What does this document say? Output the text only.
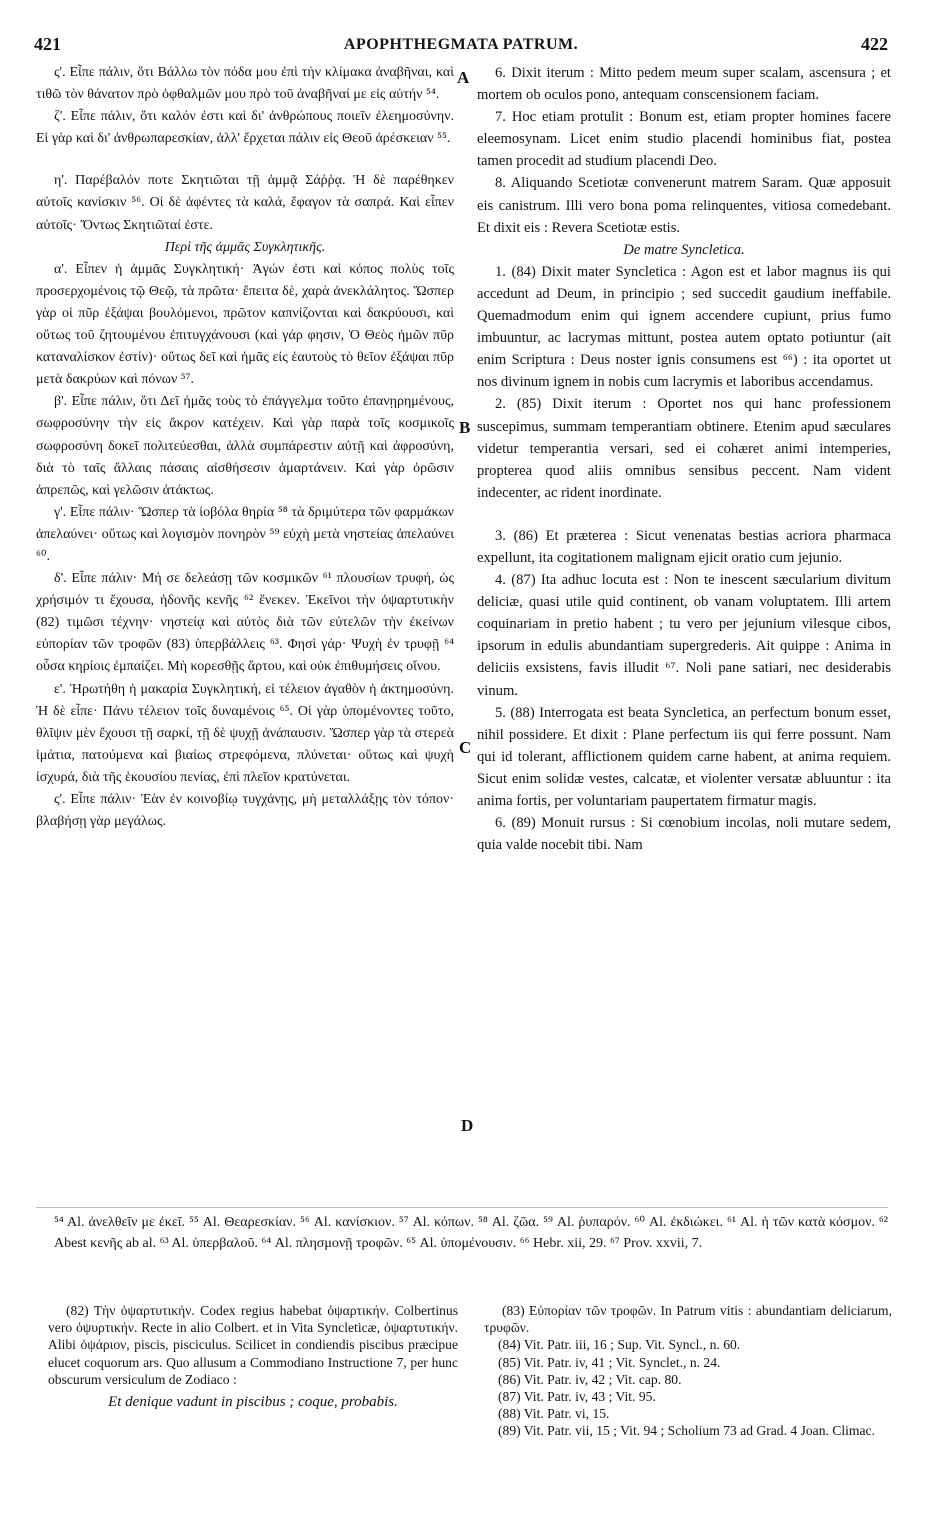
421	APOPHTHEGMATA PATRUM.	422

ς'. Εἶπε πάλιν, ὅτι Βάλλω τὸν πόδα μου ἐπὶ τὴν κλίμακα ἀναβῆναι, καὶ τιθῶ τὸν θάνατον πρὸ ὀφθαλμῶν μου πρὸ τοῦ ἀναβῆναί με εἰς αὐτήν ⁵⁴.

ζ'. Εἶπε πάλιν, ὅτι καλόν ἐστι καὶ δι' ἀνθρώπους ποιεῖν ἐλεημοσύνην. Εἰ γὰρ καὶ δι' ἀνθρωπαρεσκίαν, ἀλλ' ἔρχεται πάλιν εἰς Θεοῦ ἀρέσκειαν ⁵⁵.

η'. Παρέβαλόν ποτε Σκητιῶται τῇ ἀμμᾷ Σάῤῥᾳ. Ἡ δὲ παρέθηκεν αὐτοῖς κανίσκιν ⁵⁶. Οἱ δὲ ἀφέντες τὰ καλά, ἔφαγον τὰ σαπρά. Καὶ εἶπεν αὐτοῖς· Ὄντως Σκητιῶταί ἐστε.

Περὶ τῆς ἀμμᾶς Συγκλητικῆς.

α'. Εἶπεν ἡ ἀμμᾶς Συγκλητική· Ἀγών ἐστι καὶ κόπος πολὺς τοῖς προσερχομένοις τῷ Θεῷ, τὰ πρῶτα· ἔπειτα δὲ, χαρὰ ἀνεκλάλητος. Ὥσπερ γὰρ οἱ πῦρ ἐξάψαι βουλόμενοι, πρῶτον καπνίζονται καὶ δακρύουσι, καὶ οὕτως τοῦ ζητουμένου ἐπιτυγχάνουσι (καὶ γάρ φησιν, Ὁ Θεὸς ἡμῶν πῦρ καταναλίσκον ἐστίν)· οὕτως δεῖ καὶ ἡμᾶς εἰς ἑαυτοὺς τὸ θεῖον ἐξάψαι πῦρ μετὰ δακρύων καὶ πόνων ⁵⁷.

β'. Εἶπε πάλιν, ὅτι Δεῖ ἡμᾶς τοὺς τὸ ἐπάγγελμα τοῦτο ἐπανῃρημένους, σωφροσύνην τὴν εἰς ἄκρον κατέχειν. Καὶ γὰρ παρὰ τοῖς κοσμικοῖς σωφροσύνη δοκεῖ πολιτεύεσθαι, ἀλλὰ συμπάρεστιν αὐτῇ καὶ ἀφροσύνη, διὰ τὸ ταῖς ἄλλαις πάσαις αἰσθήσεσιν ἁμαρτάνειν. Καὶ γὰρ ὁρῶσιν ἀπρεπῶς, καὶ γελῶσιν ἀτάκτως.

γ'. Εἶπε πάλιν· Ὥσπερ τὰ ἰοβόλα θηρία ⁵⁸ τὰ δριμύτερα τῶν φαρμάκων ἀπελαύνει· οὕτως καὶ λογισμὸν πονηρὸν ⁵⁹ εὐχὴ μετὰ νηστείας ἀπελαύνει ⁶⁰.

δ'. Εἶπε πάλιν· Μή σε δελεάσῃ τῶν κοσμικῶν ⁶¹ πλουσίων τρυφή, ὡς χρήσιμόν τι ἔχουσα, ἡδονῆς κενῆς ⁶² ἕνεκεν. Ἐκεῖνοι τὴν ὀψαρτυτικὴν (82) τιμῶσι τέχνην· νηστείᾳ καὶ αὐτὸς διὰ τῶν εὐτελῶν τὴν ἐκείνων εὐπορίαν τῶν τροφῶν (83) ὑπερβάλλεις ⁶³. Φησὶ γάρ· Ψυχὴ ἐν τρυφῇ ⁶⁴ οὖσα κηρίοις ἐμπαίζει. Μὴ κορεσθῇς ἄρτου, καὶ οὐκ ἐπιθυμήσεις οἴνου.

ε'. Ἠρωτήθη ἡ μακαρία Συγκλητική, εἰ τέλειον ἀγαθὸν ἡ ἀκτημοσύνη. Ἡ δὲ εἶπε· Πάνυ τέλειον τοῖς δυναμένοις ⁶⁵. Οἱ γὰρ ὑπομένοντες τοῦτο, θλῖψιν μὲν ἔχουσι τῇ σαρκί, τῇ δὲ ψυχῇ ἀνάπαυσιν. Ὥσπερ γὰρ τὰ στερεὰ ἱμάτια, πατούμενα καὶ βιαίως στρεφόμενα, πλύνεται· οὕτως καὶ ψυχὴ ἰσχυρά, διὰ τῆς ἑκουσίου πενίας, ἐπὶ πλεῖον κρατύνεται.

ς'. Εἶπε πάλιν· Ἐὰν ἐν κοινοβίῳ τυγχάνῃς, μὴ μεταλλάξῃς τὸν τόπον· βλαβήσῃ γὰρ μεγάλως.

6. Dixit iterum : Mitto pedem meum super scalam, ascensura ; et mortem ob oculos pono, antequam conscensionem faciam.

7. Hoc etiam protulit : Bonum est, etiam propter homines facere eleemosynam. Licet enim studio placendi hominibus fiat, postea tamen procedit ad studium placendi Deo.

8. Aliquando Scetiotæ convenerunt matrem Saram. Quæ apposuit eis canistrum. Illi vero bona poma relinquentes, vitiosa comedebant. Et dixit eis : Revera Scetiotæ estis.

De matre Syncletica.

1. (84) Dixit mater Syncletica : Agon est et labor magnus iis qui accedunt ad Deum, in principio ; sed succedit gaudium ineffabile. Quemadmodum enim qui ignem accendere cupiunt, prius fumo imbuuntur, ac lacrymas mittunt, postea autem optato potiuntur (ait enim Scriptura : Deus noster ignis consumens est ⁶⁶) : ita oportet ut nos divinum ignem in nobis cum lacrymis et laboribus accendamus.

2. (85) Dixit iterum : Oportet nos qui hanc professionem suscepimus, summam temperantiam obtinere. Etenim apud sæculares videtur temperantia versari, sed ei cohæret animi intemperies, propterea quod aliis omnibus sensibus peccent. Nam vident indecenter, ac rident inordinate.

3. (86) Et præterea : Sicut venenatas bestias acriora pharmaca expellunt, ita cogitationem malignam ejicit oratio cum jejunio.

4. (87) Ita adhuc locuta est : Non te inescent sæcularium divitum deliciæ, quasi utile quid continent, ob vanam voluptatem. Illi artem coquinariam in pretio habent ; tu vero per jejunium vilesque cibos, ipsorum in edulis abundantiam supergrederis. Ait quippe : Anima in deliciis exsistens, favis illudit ⁶⁷. Noli pane satiari, nec desiderabis vinum.

5. (88) Interrogata est beata Syncletica, an perfectum bonum esset, nihil possidere. Et dixit : Plane perfectum iis qui ferre possunt. Nam qui id tolerant, afflictionem quidem carne habent, at anima requiem. Sicut enim solidæ vestes, calcatæ, et violenter versatæ abluuntur : ita anima fortis, per voluntariam paupertatem firmatur magis.

6. (89) Monuit rursus : Si cœnobium incolas, noli mutare sedem, quia valde nocebit tibi. Nam

A
B
C
D

⁵⁴ Al. ἀνελθεῖν με ἐκεῖ. ⁵⁵ Al. Θεαρεσκίαν. ⁵⁶ Al. κανίσκιον. ⁵⁷ Al. κόπων. ⁵⁸ Al. ζῶα. ⁵⁹ Al. ῥυπαρόν. ⁶⁰ Al. ἐκδιώκει. ⁶¹ Al. ἡ τῶν κατὰ κόσμον. ⁶² Abest κενῆς ab al. ⁶³ Al. ὑπερβαλοῦ. ⁶⁴ Al. πλησμονῇ τροφῶν. ⁶⁵ Al. ὑπομένουσιν. ⁶⁶ Hebr. xii, 29. ⁶⁷ Prov. xxvii, 7.

(82) Τὴν ὀψαρτυτικήν. Codex regius habebat ὀψαρτικήν. Colbertinus vero ὀψυρτικήν. Recte in alio Colbert. et in Vita Syncleticæ, ὀψαρτυτικήν. Alibi ὀψάριον, piscis, pisciculus. Scilicet in condiendis piscibus præcipue elucet coquorum ars. Quo allusum a Commodiano Instructione 7, per hunc obscurum versiculum de Zodiaco :

Et denique vadunt in piscibus ; coque, probabis.

(83) Εὐπορίαν τῶν τροφῶν. In Patrum vitis : abundantiam deliciarum, τρυφῶν.

(84) Vit. Patr. iii, 16 ; Sup. Vit. Syncl., n. 60.

(85) Vit. Patr. iv, 41 ; Vit. Synclet., n. 24.

(86) Vit. Patr. iv, 42 ; Vit. cap. 80.

(87) Vit. Patr. iv, 43 ; Vit. 95.

(88) Vit. Patr. vi, 15.

(89) Vit. Patr. vii, 15 ; Vit. 94 ; Scholium 73 ad Grad. 4 Joan. Climac.
